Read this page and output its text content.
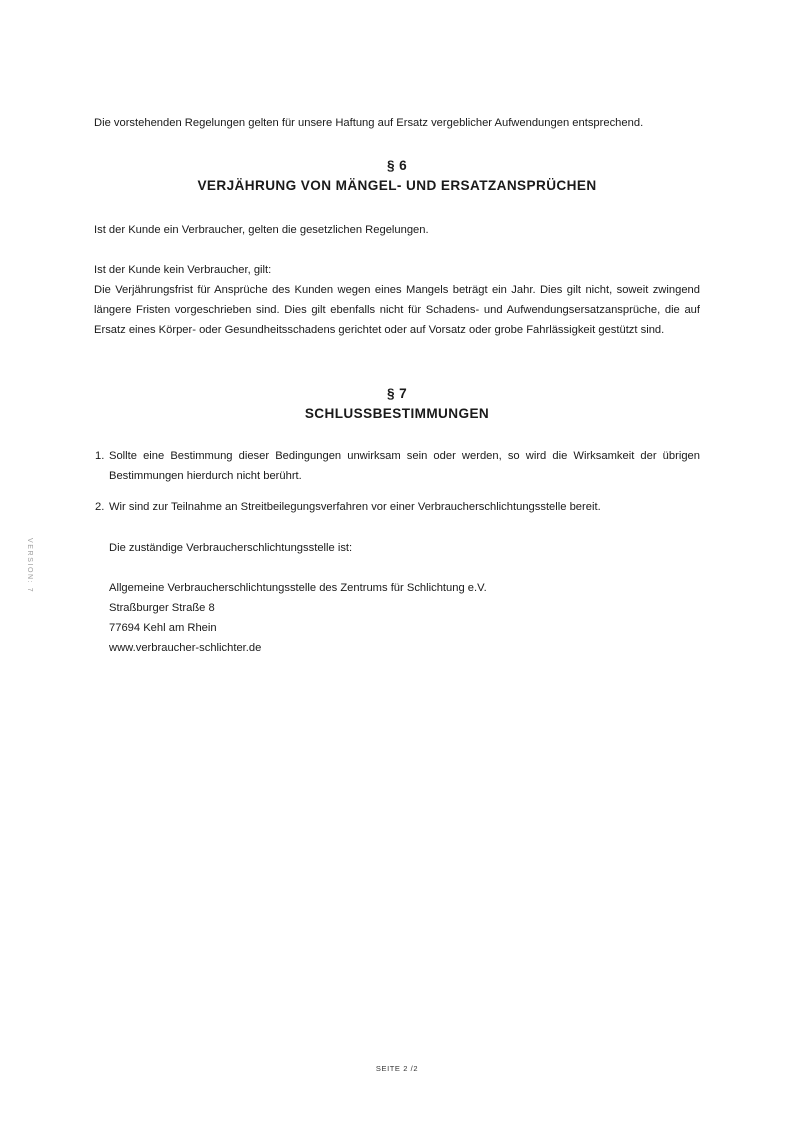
VERSION: 7

Die vorstehenden Regelungen gelten für unsere Haftung auf Ersatz vergeblicher Aufwendungen entsprechend.

§ 6
VERJÄHRUNG VON MÄNGEL- UND ERSATZANSPRÜCHEN

Ist der Kunde ein Verbraucher, gelten die gesetzlichen Regelungen.

Ist der Kunde kein Verbraucher, gilt:

Die Verjährungsfrist für Ansprüche des Kunden wegen eines Mangels beträgt ein Jahr. Dies gilt nicht, soweit zwingend längere Fristen vorgeschrieben sind. Dies gilt ebenfalls nicht für Schadens- und Aufwendungsersatzansprüche, die auf Ersatz eines Körper- oder Gesundheitsschadens gerichtet oder auf Vorsatz oder grobe Fahrlässigkeit gestützt sind.

§ 7
SCHLUSSBESTIMMUNGEN
1. Sollte eine Bestimmung dieser Bedingungen unwirksam sein oder werden, so wird die Wirksamkeit der übrigen Bestimmungen hierdurch nicht berührt.

2. Wir sind zur Teilnahme an Streitbeilegungsverfahren vor einer Verbraucherschlichtungsstelle bereit.

Die zuständige Verbraucherschlichtungsstelle ist:

Allgemeine Verbraucherschlichtungsstelle des Zentrums für Schlichtung e.V.

Straßburger Straße 8

77694 Kehl am Rhein

www.verbraucher-schlichter.de

SEITE 2 /2
